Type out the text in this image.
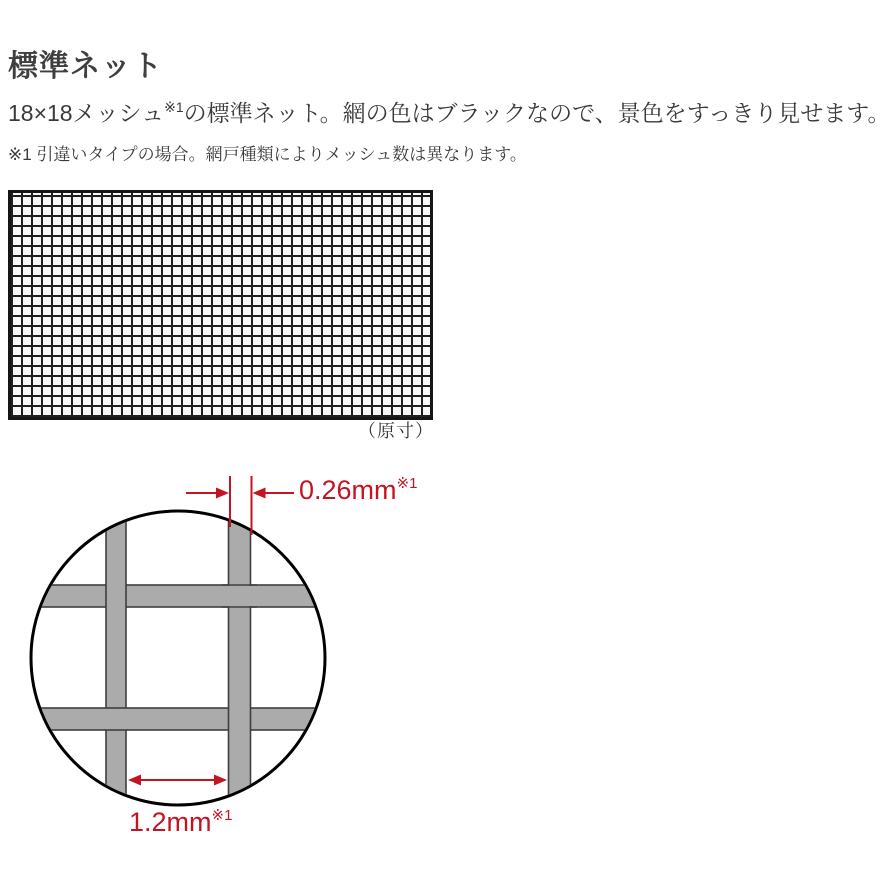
標準ネット

18×18メッシュ$^{※1}$の標準ネット。網の色はブラックなので、景色をすっきり見せます。

※1 引違いタイプの場合。網戸種類によりメッシュ数は異なります。

（原寸）
$0.26mm^{※1}$
$1.2mm^{※1}$
